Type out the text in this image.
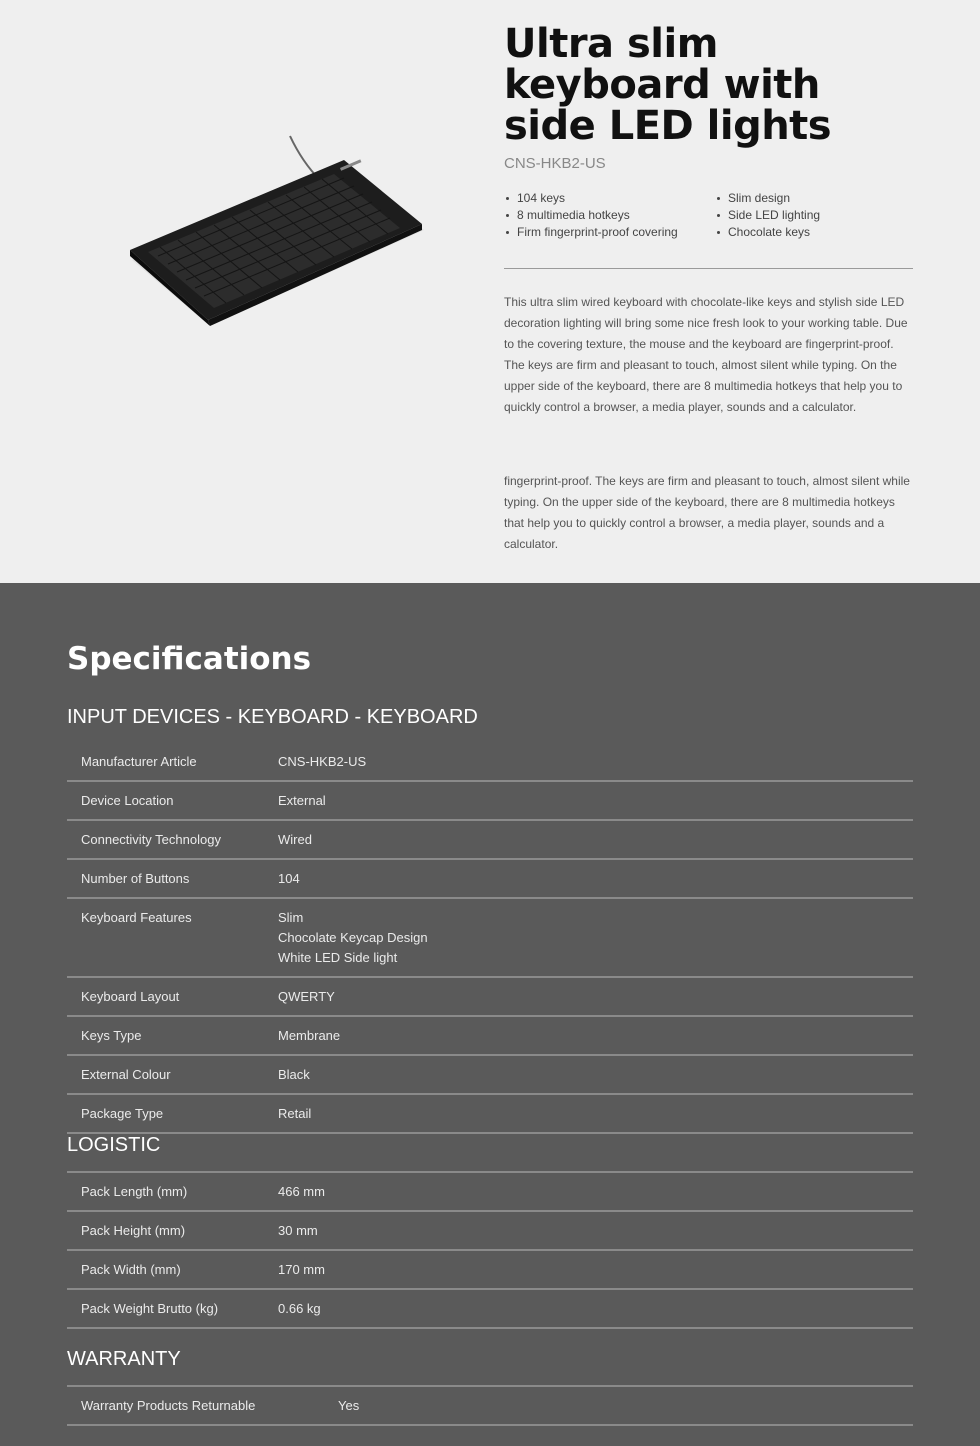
Ultra slim keyboard with side LED lights
CNS-HKB2-US
104 keys
8 multimedia hotkeys
Firm fingerprint-proof covering
Slim design
Side LED lighting
Chocolate keys

This ultra slim wired keyboard with chocolate-like keys and stylish side LED decoration lighting will bring some nice fresh look to your working table. Due to the covering texture, the mouse and the keyboard are fingerprint-proof. The keys are firm and pleasant to touch, almost silent while typing. On the upper side of the keyboard, there are 8 multimedia hotkeys that help you to quickly control a browser, a media player, sounds and a calculator.

fingerprint-proof. The keys are firm and pleasant to touch, almost silent while typing. On the upper side of the keyboard, there are 8 multimedia hotkeys that help you to quickly control a browser, a media player, sounds and a calculator.

Specifications
INPUT DEVICES - KEYBOARD - KEYBOARD
Manufacturer Article	CNS-HKB2-US
Device Location	External
Connectivity Technology	Wired
Number of Buttons	104
Keyboard Features	Slim
Chocolate Keycap Design
White LED Side light
Keyboard Layout	QWERTY
Keys Type	Membrane
External Colour	Black
Package Type	Retail
LOGISTIC
Pack Length (mm)	466 mm
Pack Height (mm)	30 mm
Pack Width (mm)	170 mm
Pack Weight Brutto (kg)	0.66 kg
WARRANTY
Warranty Products Returnable	Yes
